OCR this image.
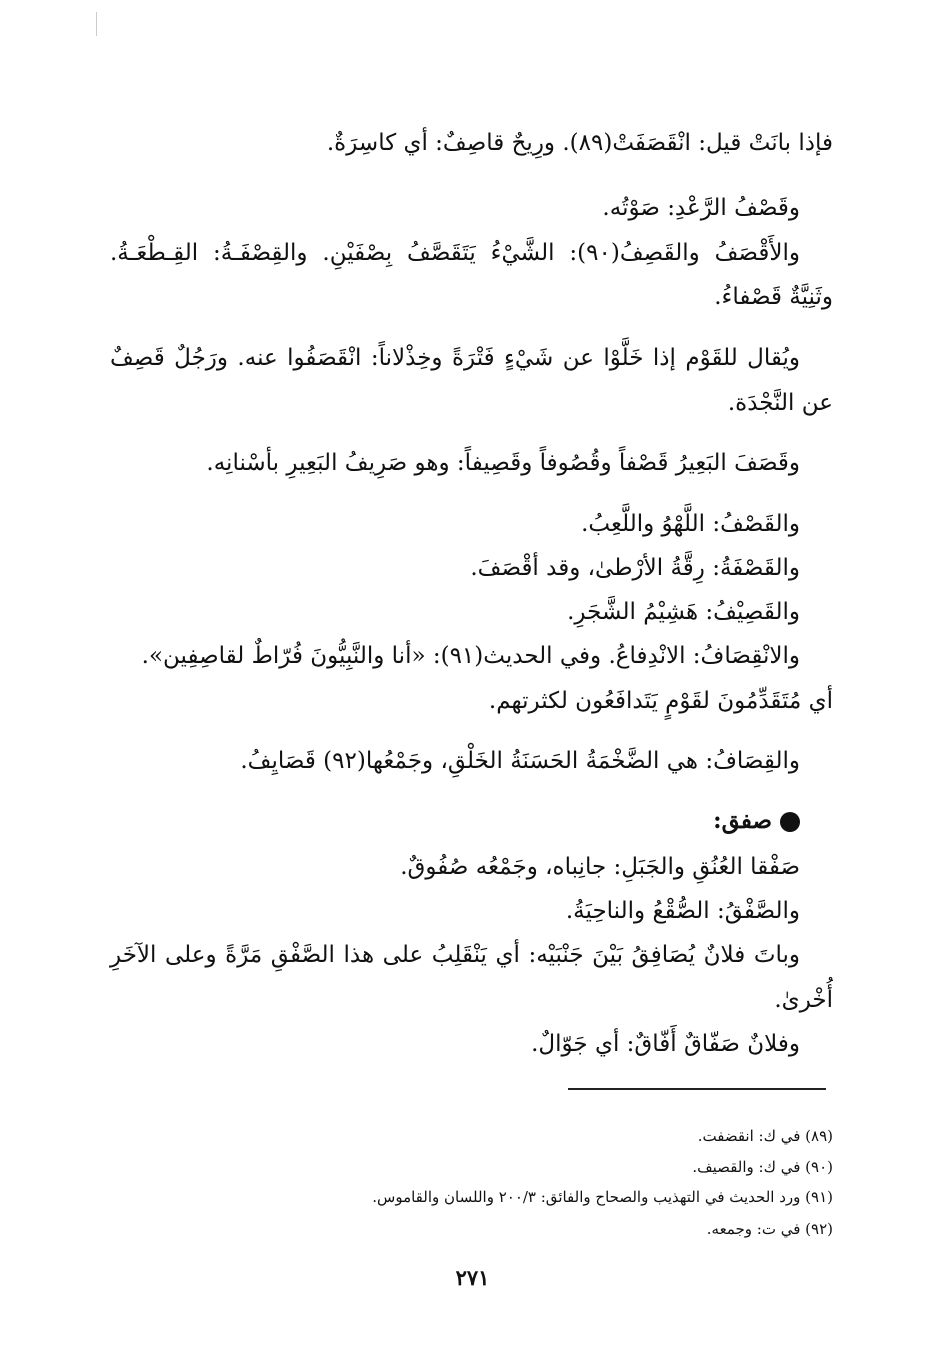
فإذا بانَتْ قيل: انْقَصَفَتْ(٨٩). ورِيحٌ قاصِفٌ: أي كاسِرَةٌ.
وقَصْفُ الرَّعْدِ: صَوْتُه.
والأَقْصَفُ والقَصِفُ(٩٠): الشَّيْءُ يَتَقَصَّفُ بِصْفَيْنِ. والقِصْفَـةُ: القِـطْعَـةُ.
وثَنِيَّةٌ قَصْفاءُ.
ويُقال للقَوْم إذا خَلَّوْا عن شَيْءٍ فَتْرَةً وخِذْلاناً: انْقَصَفُوا عنه. ورَجُلٌ قَصِفٌ
عن النَّجْدَة.
وقَصَفَ البَعِيرُ قَصْفاً وقُصُوفاً وقَصِيفاً: وهو صَرِيفُ البَعِيرِ بأسْنانِه.
والقَصْفُ: اللَّهْوُ واللَّعِبُ.
والقَصْفَةُ: رِقَّةُ الأرْطىٰ، وقد أقْصَفَ.
والقَصِيْفُ: هَشِيْمُ الشَّجَرِ.
والانْقِصَافُ: الانْدِفاعُ. وفي الحديث(٩١): «أنا والنَّبِيُّونَ فُرّاطٌ لقاصِفِين».
أي مُتَقَدِّمُونَ لقَوْمٍ يَتَدافَعُون لكثرتهم.
والقِصَافُ: هي الضَّخْمَةُ الحَسَنَةُ الخَلْقِ، وجَمْعُها(٩٢) قَصَايِفُ.
صفق:
صَفْقا العُنُقِ والجَبَلِ: جانِباه، وجَمْعُه صُفُوقٌ.
والصَّفْقُ: الصُّقْعُ والناحِيَةُ.
وباتَ فلانٌ يُصَافِقُ بَيْنَ جَنْبَيْه: أي يَنْقَلِبُ على هذا الصَّفْقِ مَرَّةً وعلى الآخَرِ
أُخْرىٰ.
وفلانٌ صَفّاقٌ أَفّاقٌ: أي جَوّالٌ.
(٨٩) في ك: انقضفت.
(٩٠) في ك: والقصيف.
(٩١) ورد الحديث في التهذيب والصحاح والفائق: ٢٠٠/٣ واللسان والقاموس.
(٩٢) في ت: وجمعه.
٢٧١
